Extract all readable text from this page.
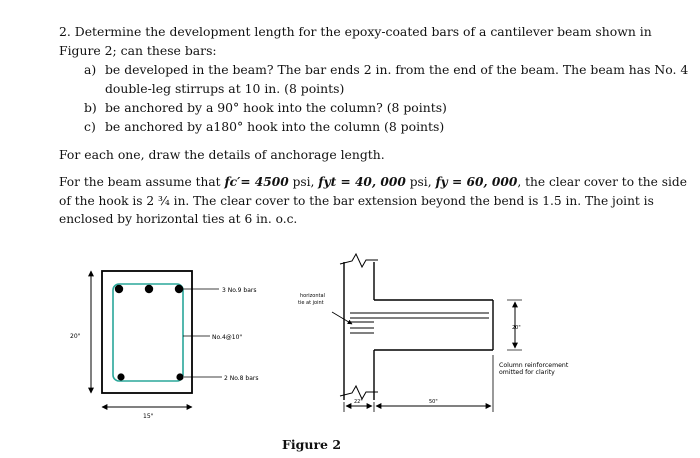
2. Determine the development length for the epoxy-coated bars of a cantilever beam shown in
Figure 2; can these bars:
a) be developed in the beam? The bar ends 2 in. from the end of the beam. The beam has No. 4
double-leg stirrups at 10 in. (8 points)
b) be anchored by a 90° hook into the column? (8 points)
c) be anchored by a180° hook into the column (8 points)
For each one, draw the details of anchorage length.
For the beam assume that fc′= 4500 psi, fyt = 40, 000 psi, fy = 60, 000, the clear cover to the side
of the hook is 2 ¾ in. The clear cover to the bar extension beyond the bend is 1.5 in. The joint is
enclosed by horizontal ties at 6 in. o.c.
3 No.9 bars
No.4@10"
2 No.8 bars
20"
15"
horizontal
tie at joint
20"
22"	50"
Column reinforcement
omitted for clarity
Figure 2
